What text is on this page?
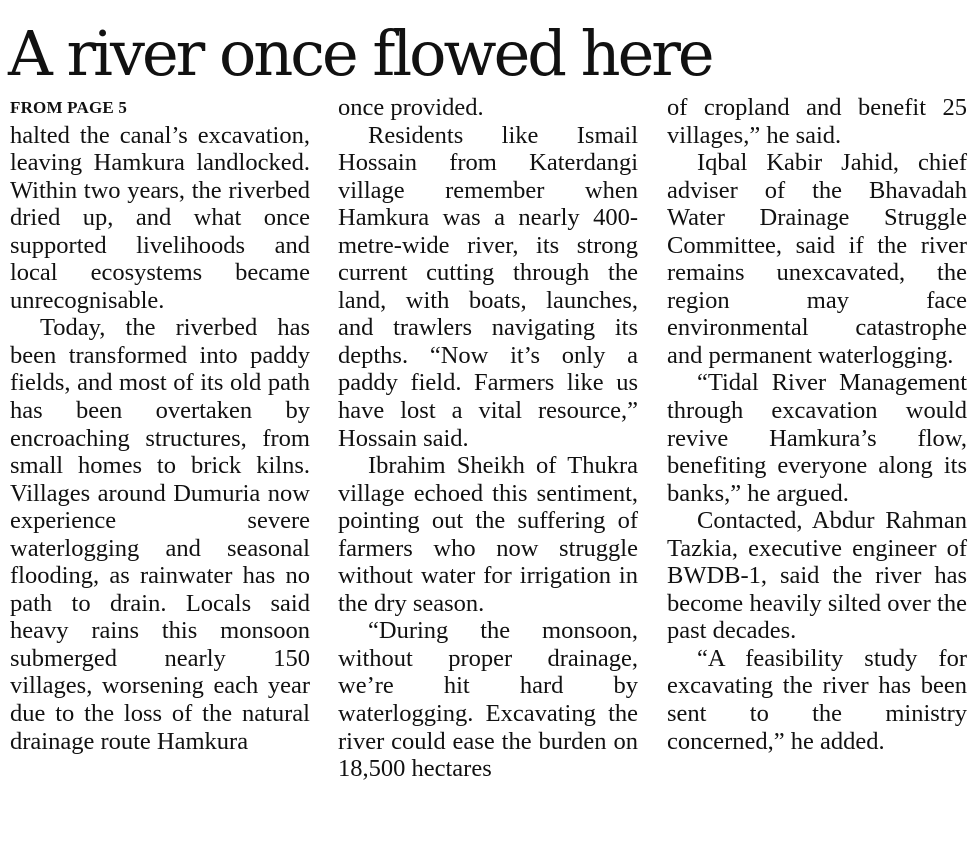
A river once flowed here
FROM PAGE 5

halted the canal’s excavation, leaving Hamkura landlocked. Within two years, the riverbed dried up, and what once supported livelihoods and local ecosystems became unrecognisable.

Today, the riverbed has been transformed into paddy fields, and most of its old path has been overtaken by encroaching structures, from small homes to brick kilns. Villages around Dumuria now experience severe waterlogging and seasonal flooding, as rainwater has no path to drain. Locals said heavy rains this monsoon submerged nearly 150 villages, worsening each year due to the loss of the natural drainage route Hamkura

once provided.

Residents like Ismail Hossain from Katerdangi village remember when Hamkura was a nearly 400-metre-wide river, its strong current cutting through the land, with boats, launches, and trawlers navigating its depths. “Now it’s only a paddy field. Farmers like us have lost a vital resource,” Hossain said.

Ibrahim Sheikh of Thukra village echoed this sentiment, pointing out the suffering of farmers who now struggle without water for irrigation in the dry season.

“During the monsoon, without proper drainage, we’re hit hard by waterlogging. Excavating the river could ease the burden on 18,500 hectares

of cropland and benefit 25 villages,” he said.

Iqbal Kabir Jahid, chief adviser of the Bhavadah Water Drainage Struggle Committee, said if the river remains unexcavated, the region may face environmental catastrophe and permanent waterlogging.

“Tidal River Management through excavation would revive Hamkura’s flow, benefiting everyone along its banks,” he argued.

Contacted, Abdur Rahman Tazkia, executive engineer of BWDB-1, said the river has become heavily silted over the past decades.

“A feasibility study for excavating the river has been sent to the ministry concerned,” he added.
